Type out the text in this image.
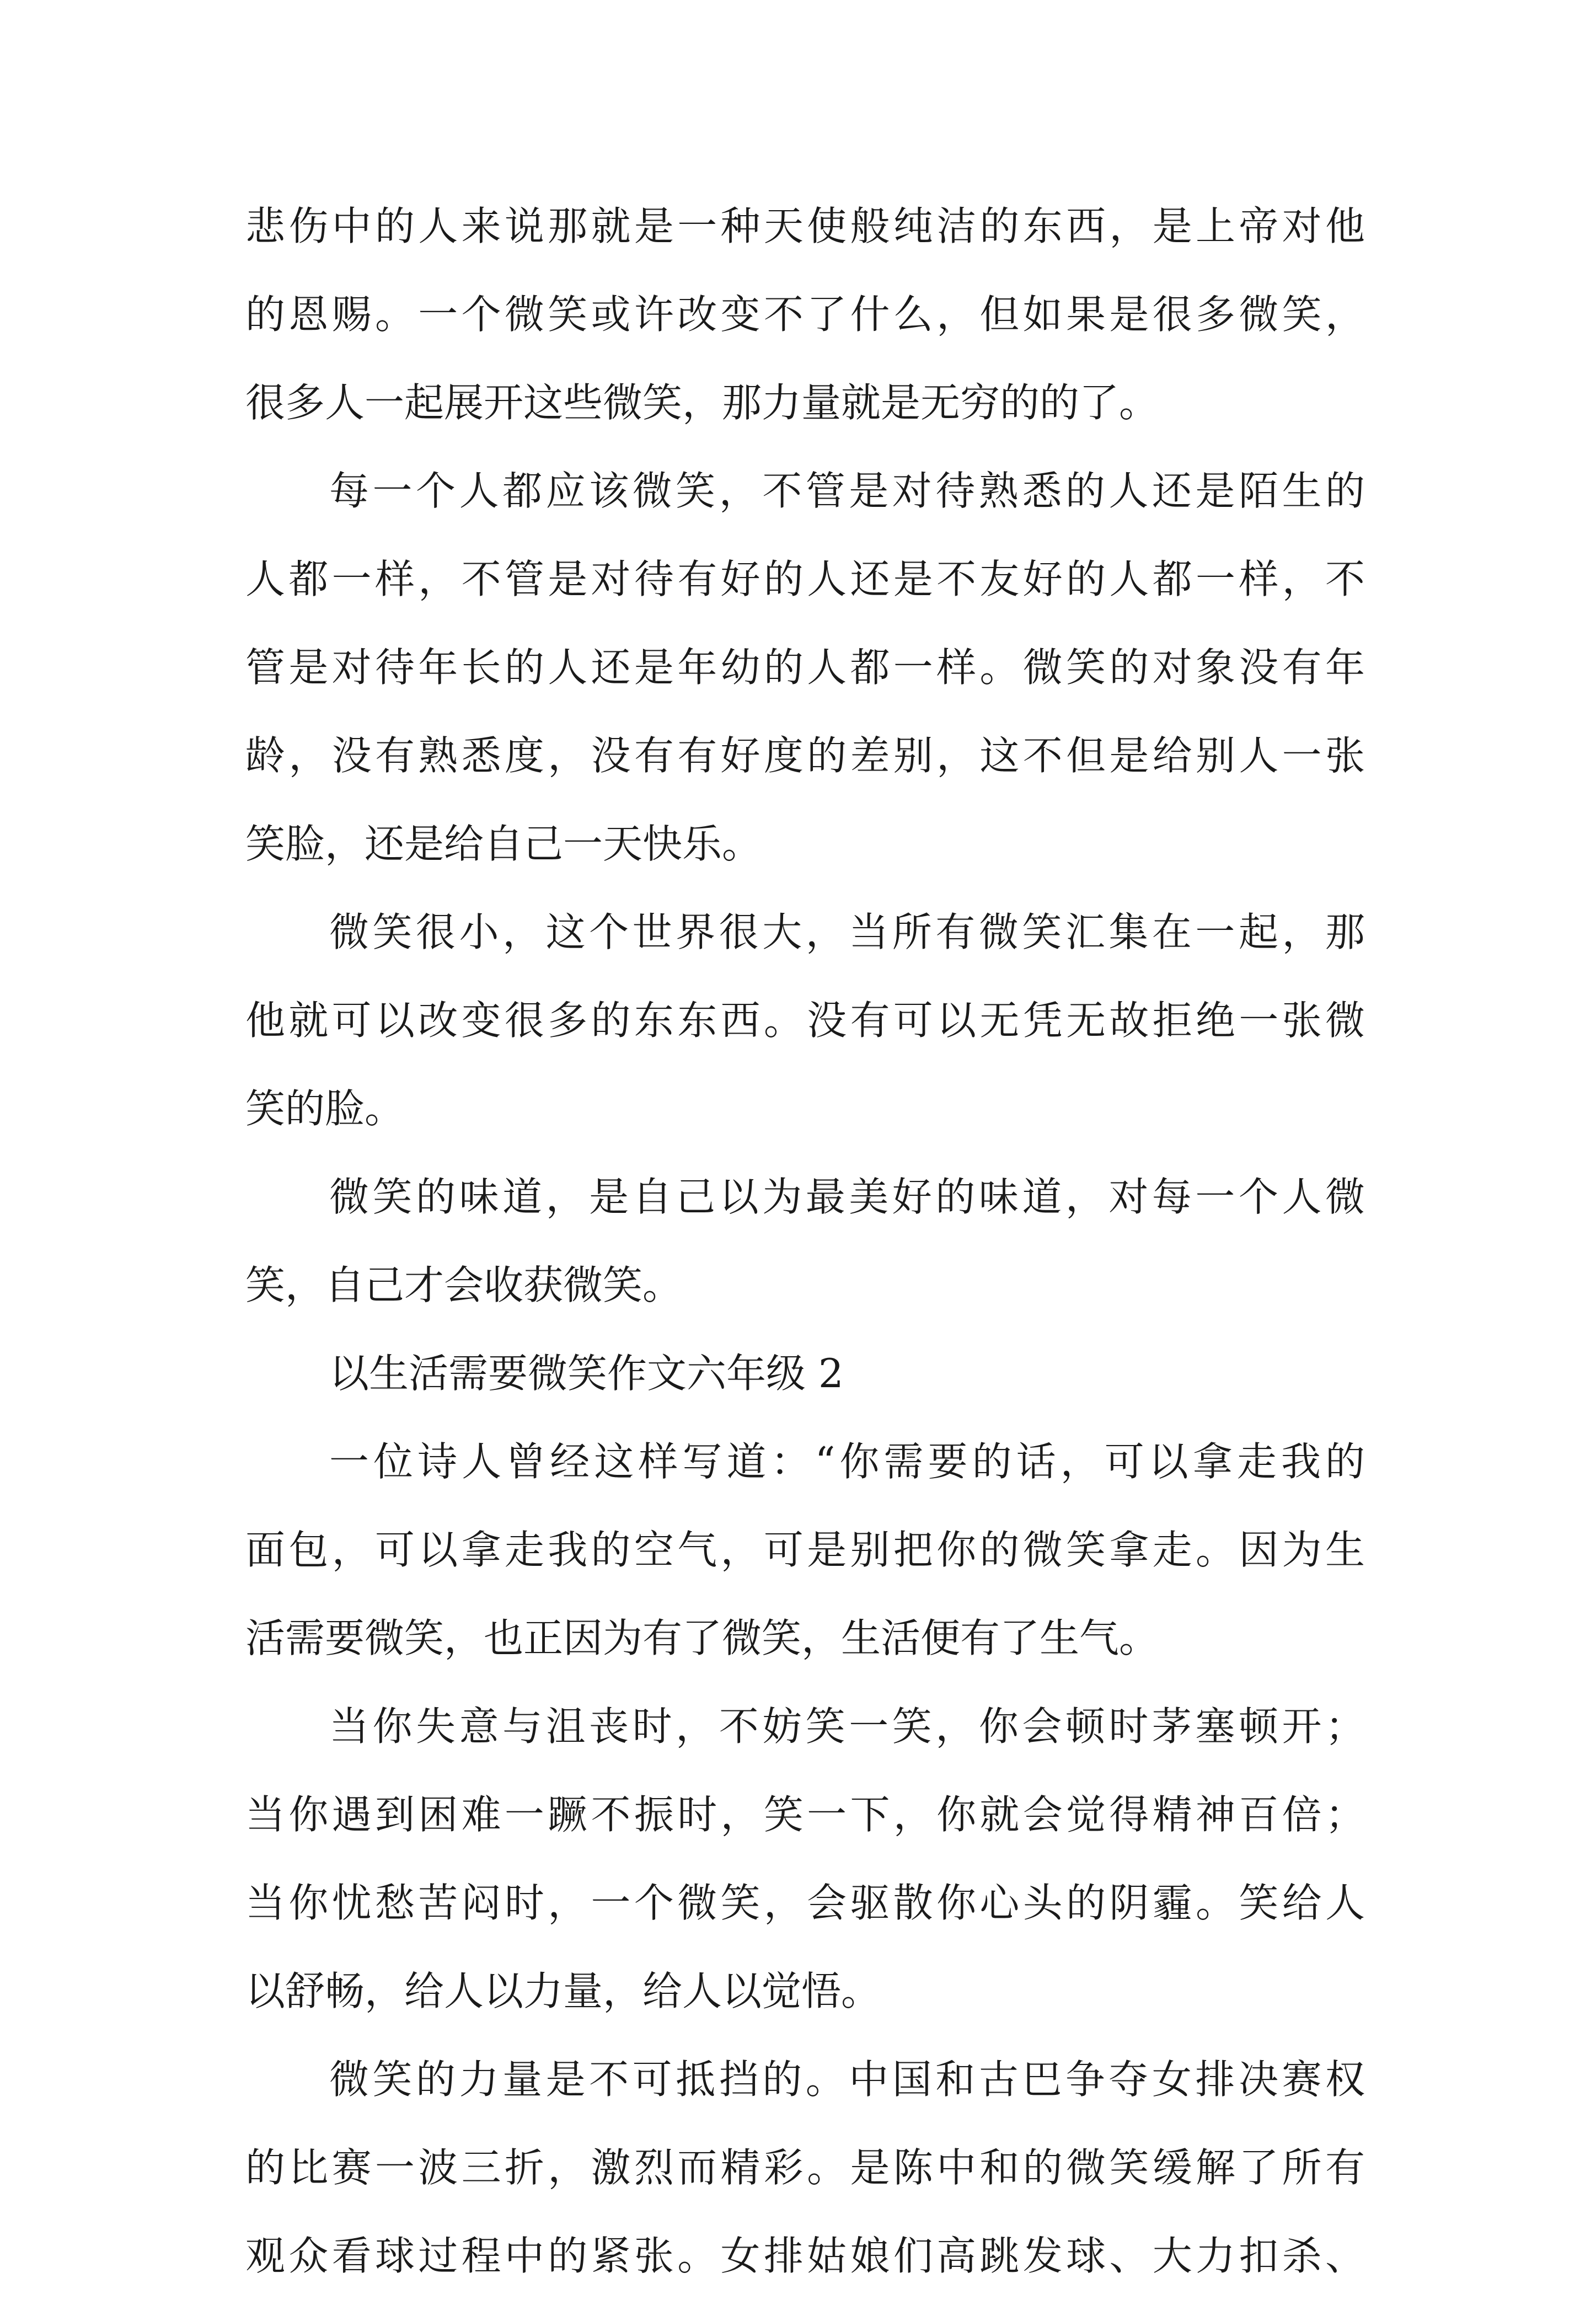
悲伤中的人来说那就是一种天使般纯洁的东西，是上帝对他
的恩赐。一个微笑或许改变不了什么，但如果是很多微笑，
很多人一起展开这些微笑，那力量就是无穷的的了。
每一个人都应该微笑，不管是对待熟悉的人还是陌生的
人都一样，不管是对待有好的人还是不友好的人都一样，不
管是对待年长的人还是年幼的人都一样。微笑的对象没有年
龄，没有熟悉度，没有有好度的差别，这不但是给别人一张
笑脸，还是给自己一天快乐。
微笑很小，这个世界很大，当所有微笑汇集在一起，那
他就可以改变很多的东东西。没有可以无凭无故拒绝一张微
笑的脸。
微笑的味道，是自己以为最美好的味道，对每一个人微
笑，自己才会收获微笑。
以生活需要微笑作文六年级 2
一位诗人曾经这样写道：“你需要的话，可以拿走我的
面包，可以拿走我的空气，可是别把你的微笑拿走。因为生
活需要微笑，也正因为有了微笑，生活便有了生气。
当你失意与沮丧时，不妨笑一笑，你会顿时茅塞顿开；
当你遇到困难一蹶不振时，笑一下，你就会觉得精神百倍；
当你忧愁苦闷时，一个微笑，会驱散你心头的阴霾。笑给人
以舒畅，给人以力量，给人以觉悟。
微笑的力量是不可抵挡的。中国和古巴争夺女排决赛权
的比赛一波三折，激烈而精彩。是陈中和的微笑缓解了所有
观众看球过程中的紧张。女排姑娘们高跳发球、大力扣杀、
